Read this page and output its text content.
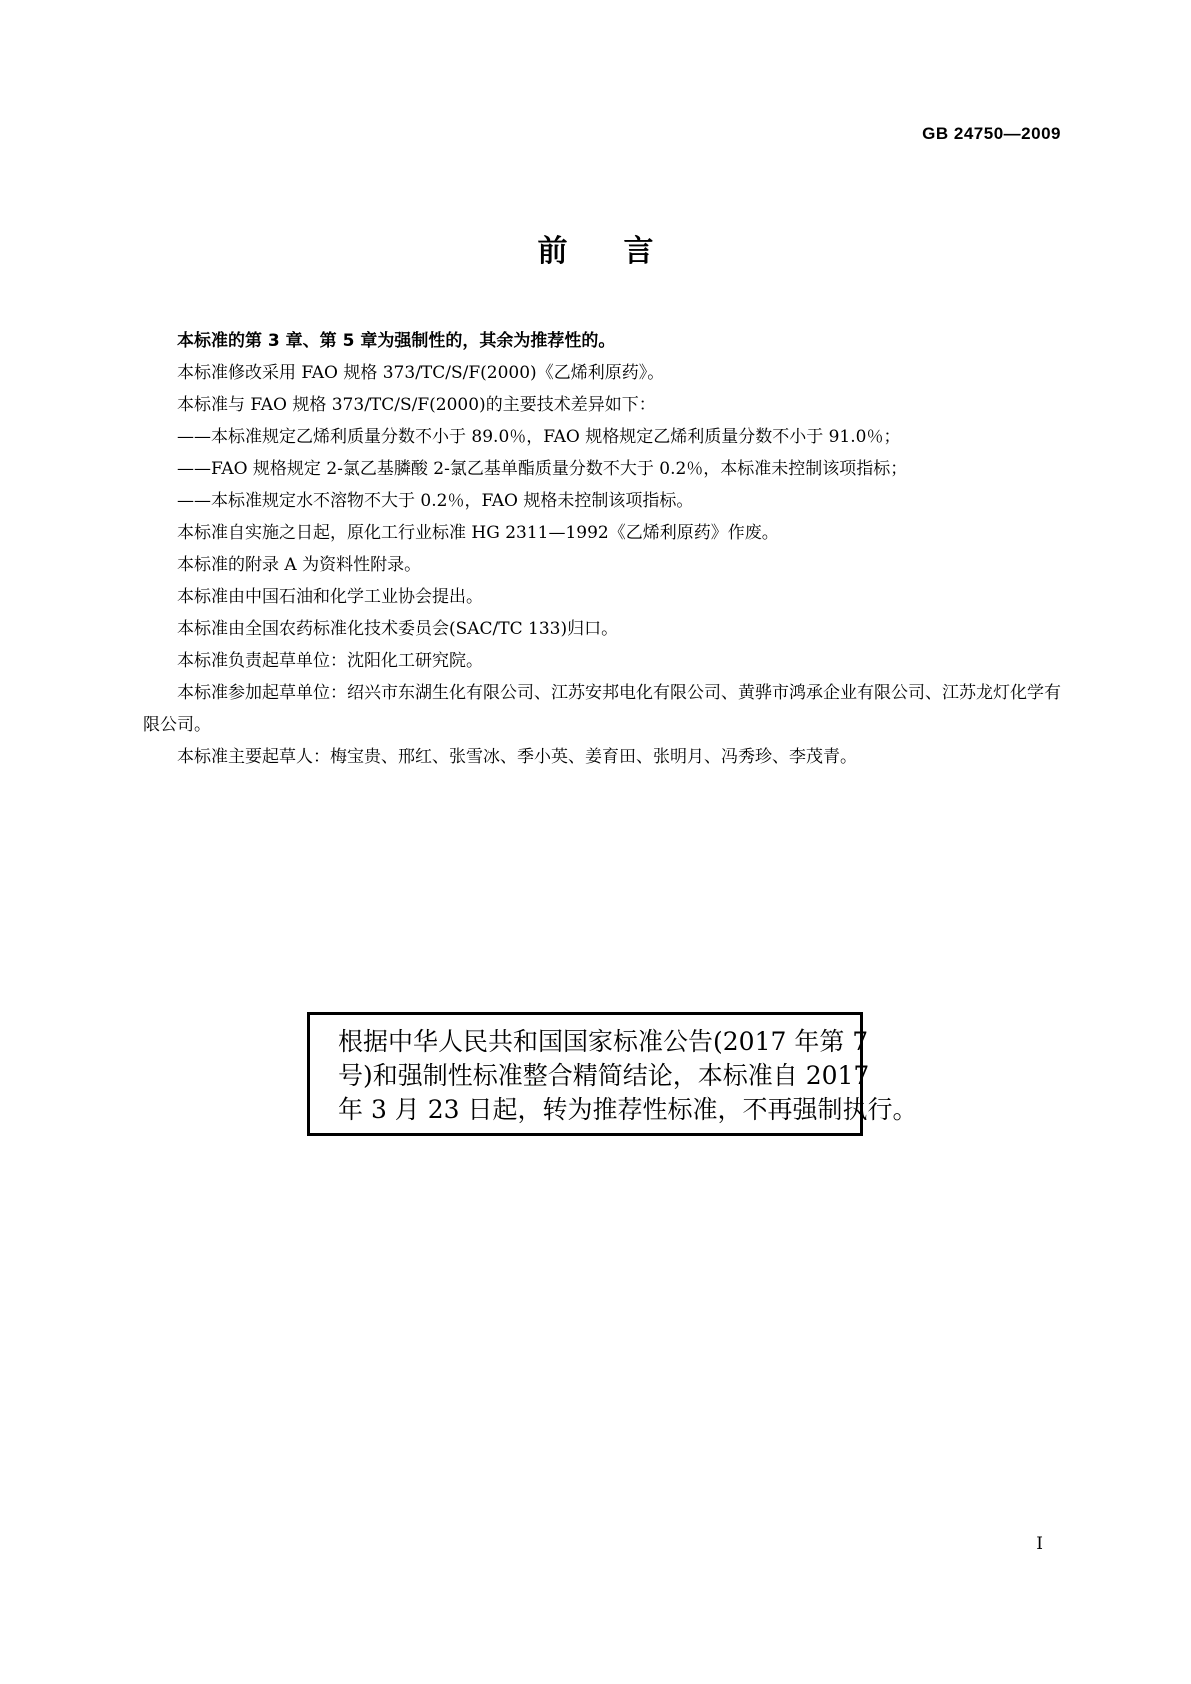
GB 24750—2009
前言

本标准的第 3 章、第 5 章为强制性的，其余为推荐性的。

本标准修改采用 FAO 规格 373/TC/S/F(2000)《乙烯利原药》。

本标准与 FAO 规格 373/TC/S/F(2000)的主要技术差异如下：

——本标准规定乙烯利质量分数不小于 89.0％，FAO 规格规定乙烯利质量分数不小于 91.0％；

——FAO 规格规定 2-氯乙基膦酸 2-氯乙基单酯质量分数不大于 0.2％，本标准未控制该项指标；

——本标准规定水不溶物不大于 0.2％，FAO 规格未控制该项指标。

本标准自实施之日起，原化工行业标准 HG 2311—1992《乙烯利原药》作废。

本标准的附录 A 为资料性附录。

本标准由中国石油和化学工业协会提出。

本标准由全国农药标准化技术委员会(SAC/TC 133)归口。

本标准负责起草单位：沈阳化工研究院。

本标准参加起草单位：绍兴市东湖生化有限公司、江苏安邦电化有限公司、黄骅市鸿承企业有限公司、江苏龙灯化学有限公司。

本标准主要起草人：梅宝贵、邢红、张雪冰、季小英、姜育田、张明月、冯秀珍、李茂青。

根据中华人民共和国国家标准公告(2017 年第 7
号)和强制性标准整合精简结论，本标准自 2017
年 3 月 23 日起，转为推荐性标准，不再强制执行。
I
